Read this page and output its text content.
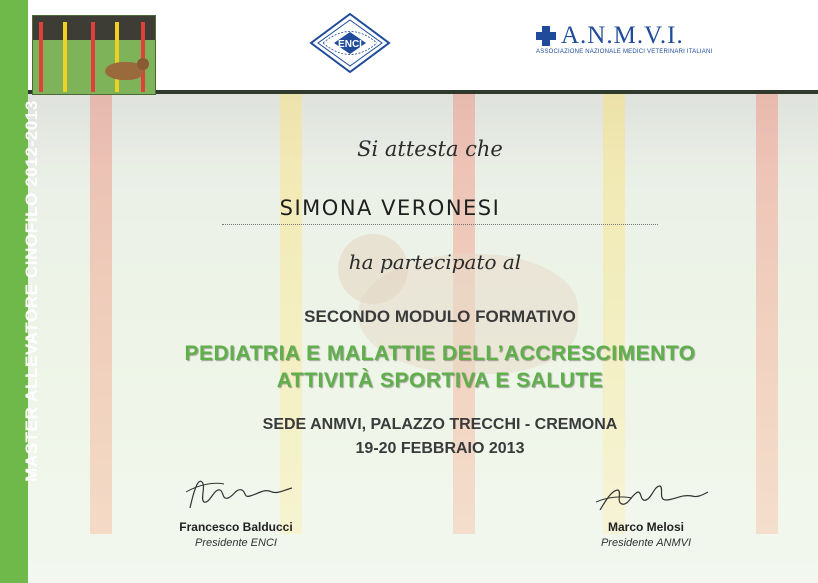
MASTER ALLEVATORE CINOFILO 2012-2013
ENCI	A.N.M.V.I.
ASSOCIAZIONE NAZIONALE MEDICI VETERINARI ITALIANI
Si attesta che
SIMONA VERONESI
ha partecipato al
SECONDO MODULO FORMATIVO
PEDIATRIA E MALATTIE DELL’ACCRESCIMENTO
ATTIVITÀ SPORTIVA E SALUTE
SEDE ANMVI, PALAZZO TRECCHI - CREMONA
19-20 FEBBRAIO 2013
Francesco Balducci
Presidente ENCI
Marco Melosi
Presidente ANMVI
